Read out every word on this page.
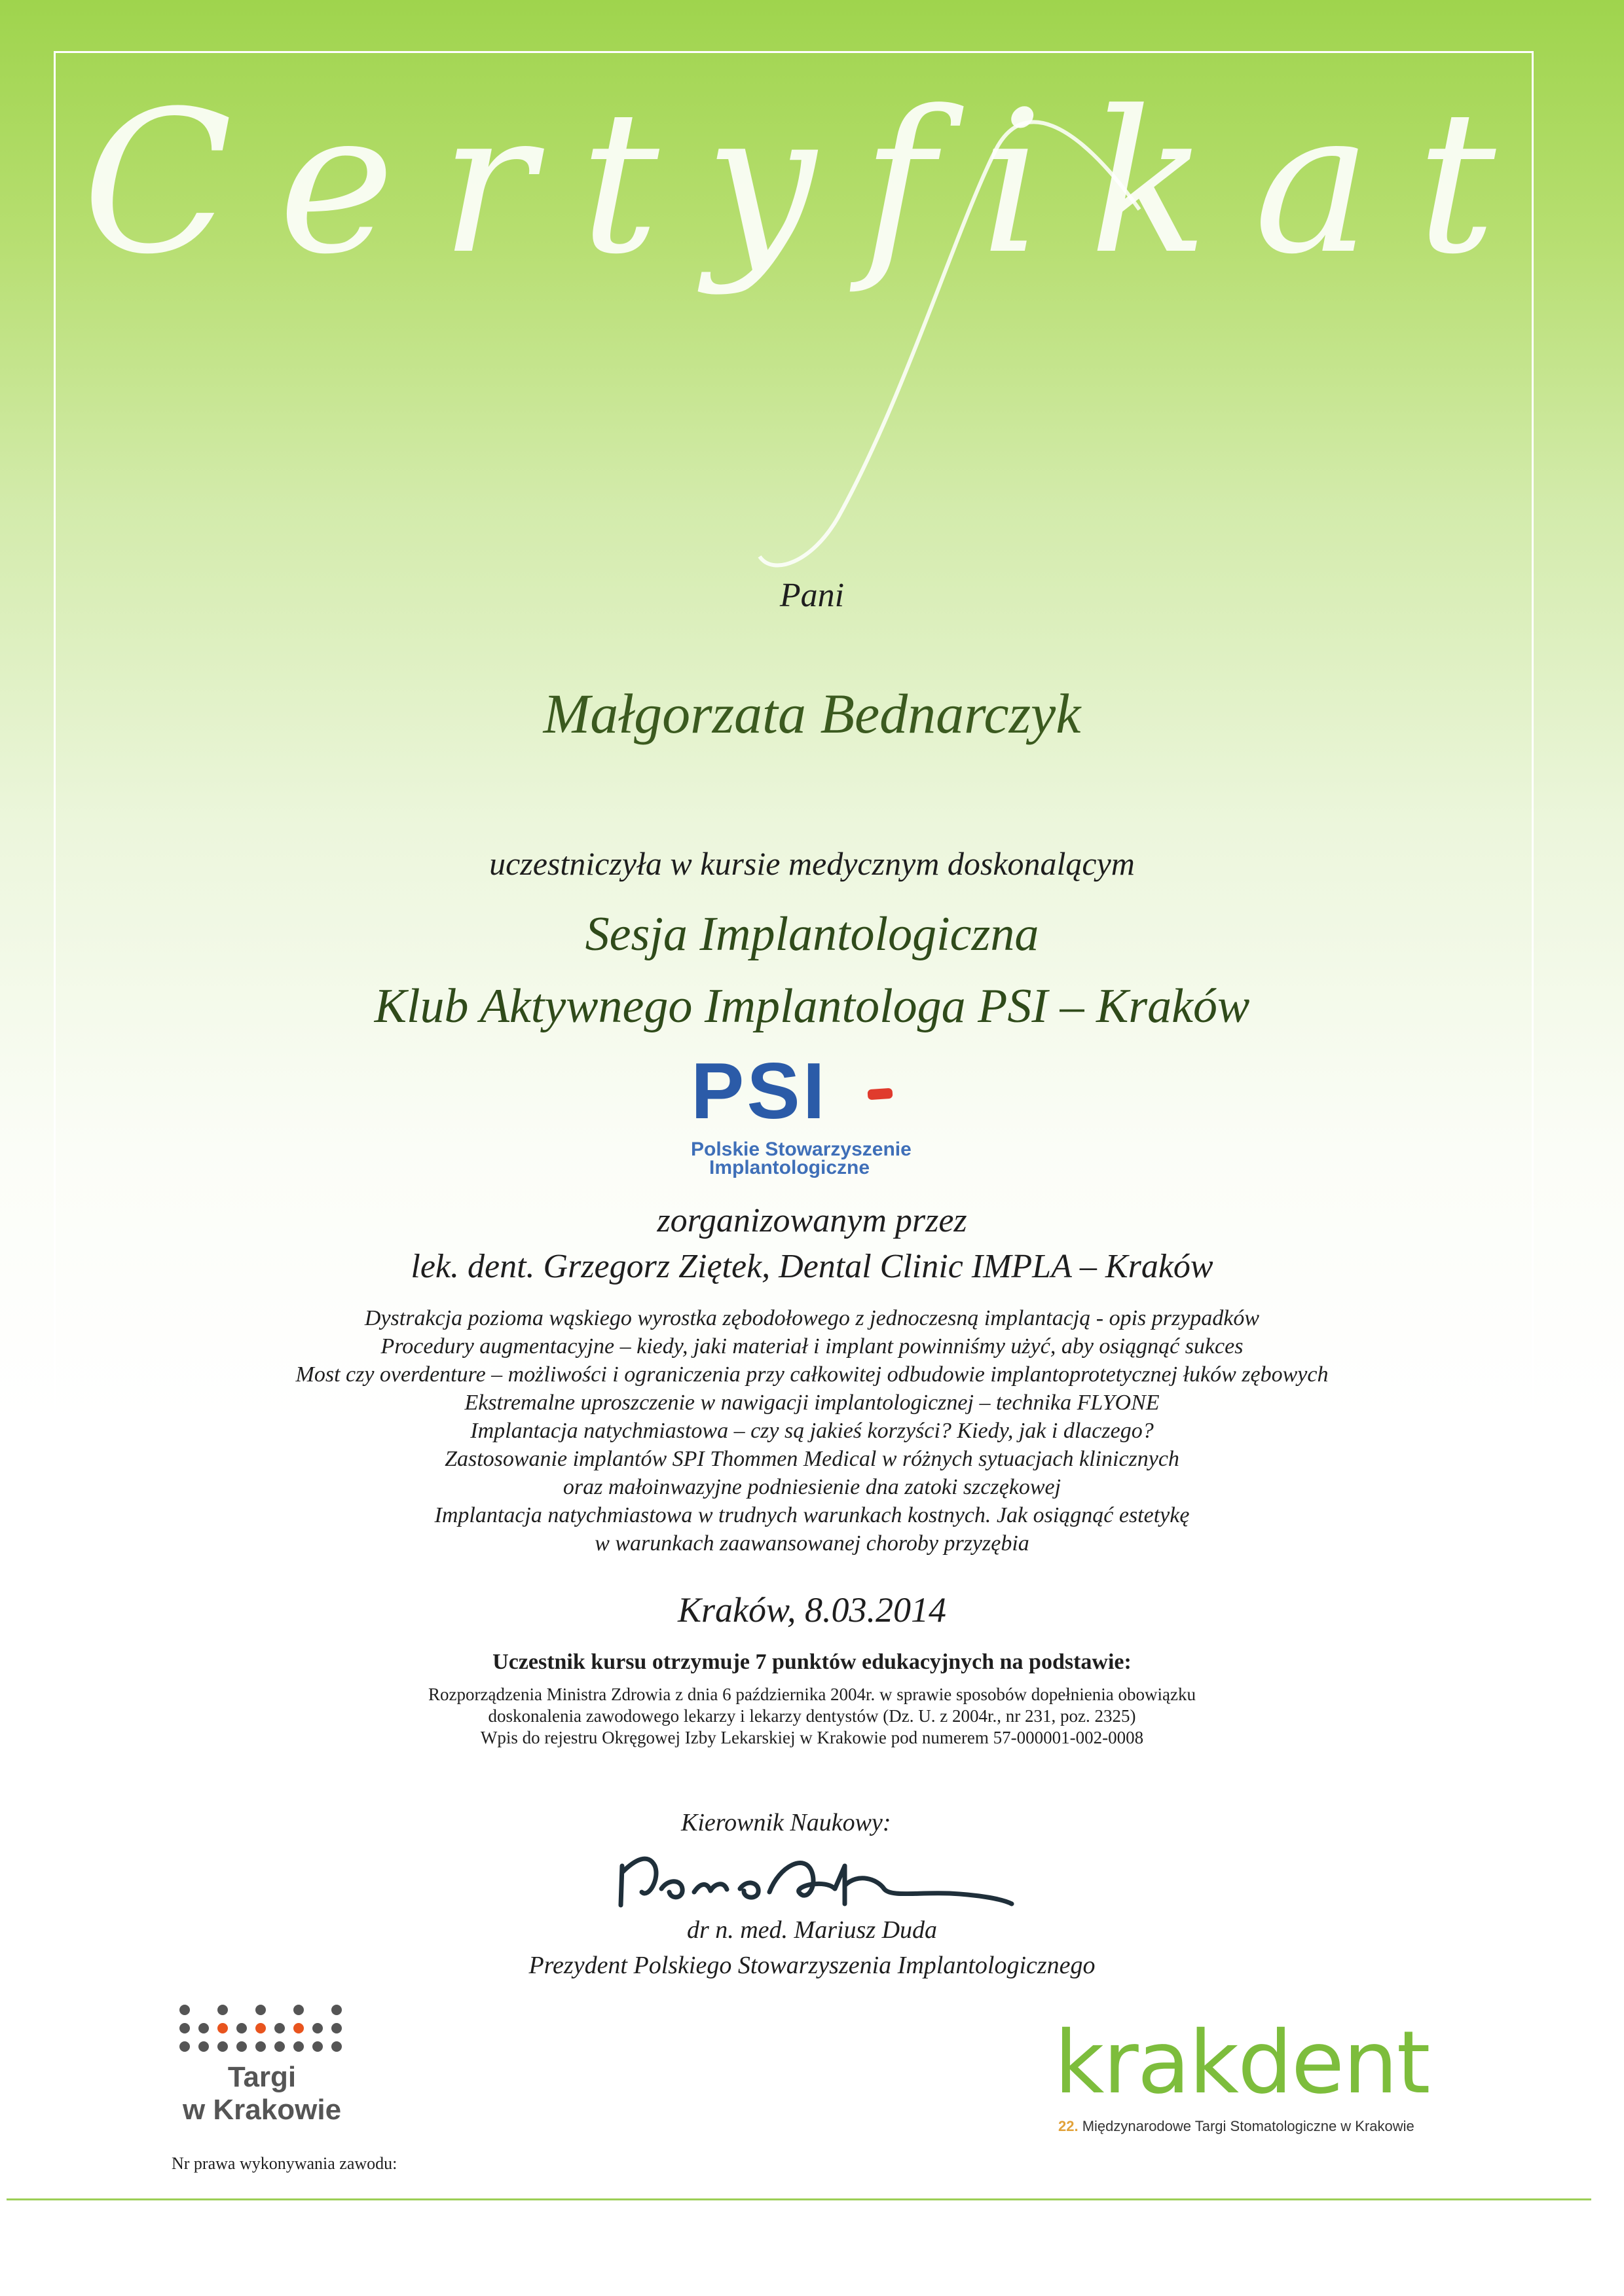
Certyfikat
Pani
Małgorzata Bednarczyk
uczestniczyła w kursie medycznym doskonalącym
Sesja Implantologiczna
Klub Aktywnego Implantologa PSI – Kraków
PSI
Polskie Stowarzyszenie
Implantologiczne
zorganizowanym przez
lek. dent. Grzegorz Ziętek, Dental Clinic IMPLA – Kraków
Dystrakcja pozioma wąskiego wyrostka zębodołowego z jednoczesną implantacją - opis przypadków
Procedury augmentacyjne – kiedy, jaki materiał i implant powinniśmy użyć, aby osiągnąć sukces
Most czy overdenture – możliwości i ograniczenia przy całkowitej odbudowie implantoprotetycznej łuków zębowych
Ekstremalne uproszczenie w nawigacji implantologicznej – technika FLYONE
Implantacja natychmiastowa – czy są jakieś korzyści? Kiedy, jak i dlaczego?
Zastosowanie implantów SPI Thommen Medical w różnych sytuacjach klinicznych
oraz małoinwazyjne podniesienie dna zatoki szczękowej
Implantacja natychmiastowa w trudnych warunkach kostnych. Jak osiągnąć estetykę
w warunkach zaawansowanej choroby przyzębia
Kraków, 8.03.2014
Uczestnik kursu otrzymuje 7 punktów edukacyjnych na podstawie:
Rozporządzenia Ministra Zdrowia z dnia 6 października 2004r. w sprawie sposobów dopełnienia obowiązku
doskonalenia zawodowego lekarzy i lekarzy dentystów (Dz. U. z 2004r., nr 231, poz. 2325)
Wpis do rejestru Okręgowej Izby Lekarskiej w Krakowie pod numerem 57-000001-002-0008
Kierownik Naukowy:
dr n. med. Mariusz Duda
Prezydent Polskiego Stowarzyszenia Implantologicznego
Targi
w Krakowie	krakdent
22. Międzynarodowe Targi Stomatologiczne w Krakowie
Nr prawa wykonywania zawodu:
